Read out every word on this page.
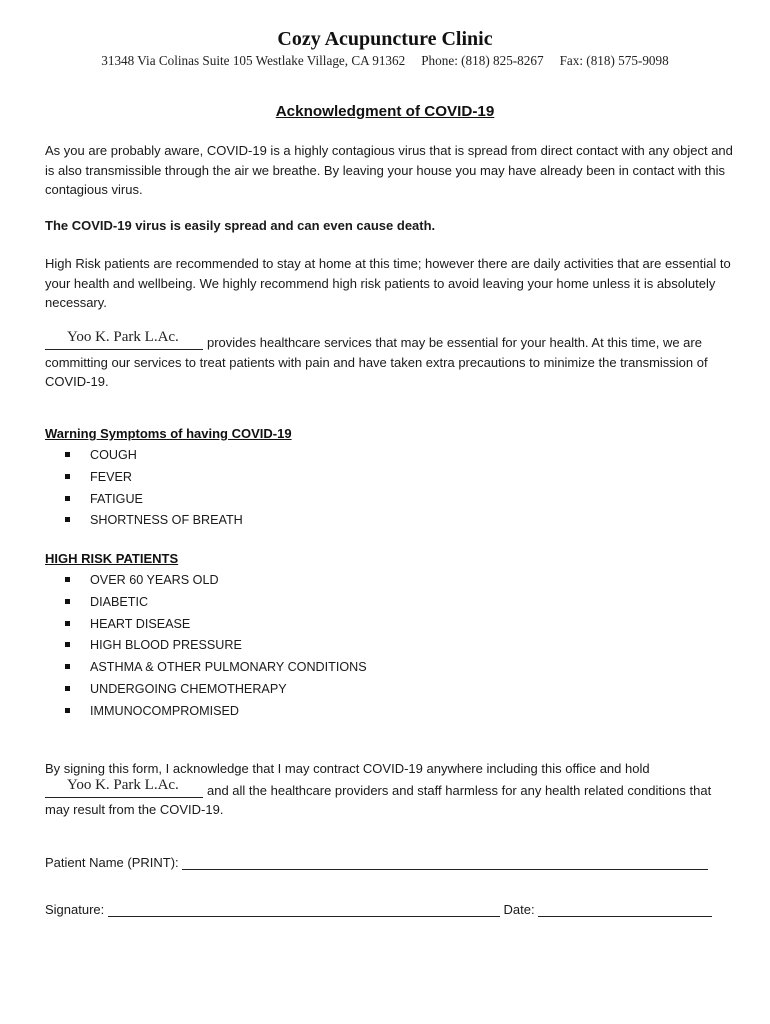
Cozy Acupuncture Clinic
31348 Via Colinas Suite 105 Westlake Village, CA 91362 Phone: (818) 825-8267 Fax: (818) 575-9098
Acknowledgment of COVID-19
As you are probably aware, COVID-19 is a highly contagious virus that is spread from direct contact with any object and is also transmissible through the air we breathe. By leaving your house you may have already been in contact with this contagious virus.
The COVID-19 virus is easily spread and can even cause death.
High Risk patients are recommended to stay at home at this time; however there are daily activities that are essential to your health and wellbeing. We highly recommend high risk patients to avoid leaving your home unless it is absolutely necessary.
Yoo K. Park L.Ac. provides healthcare services that may be essential for your health. At this time, we are committing our services to treat patients with pain and have taken extra precautions to minimize the transmission of COVID-19.
Warning Symptoms of having COVID-19
COUGH
FEVER
FATIGUE
SHORTNESS OF BREATH
HIGH RISK PATIENTS
OVER 60 YEARS OLD
DIABETIC
HEART DISEASE
HIGH BLOOD PRESSURE
ASTHMA & OTHER PULMONARY CONDITIONS
UNDERGOING CHEMOTHERAPY
IMMUNOCOMPROMISED
By signing this form, I acknowledge that I may contract COVID-19 anywhere including this office and hold
Yoo K. Park L.Ac. and all the healthcare providers and staff harmless for any health related conditions that may result from the COVID-19.
Patient Name (PRINT):
Signature:	Date:
